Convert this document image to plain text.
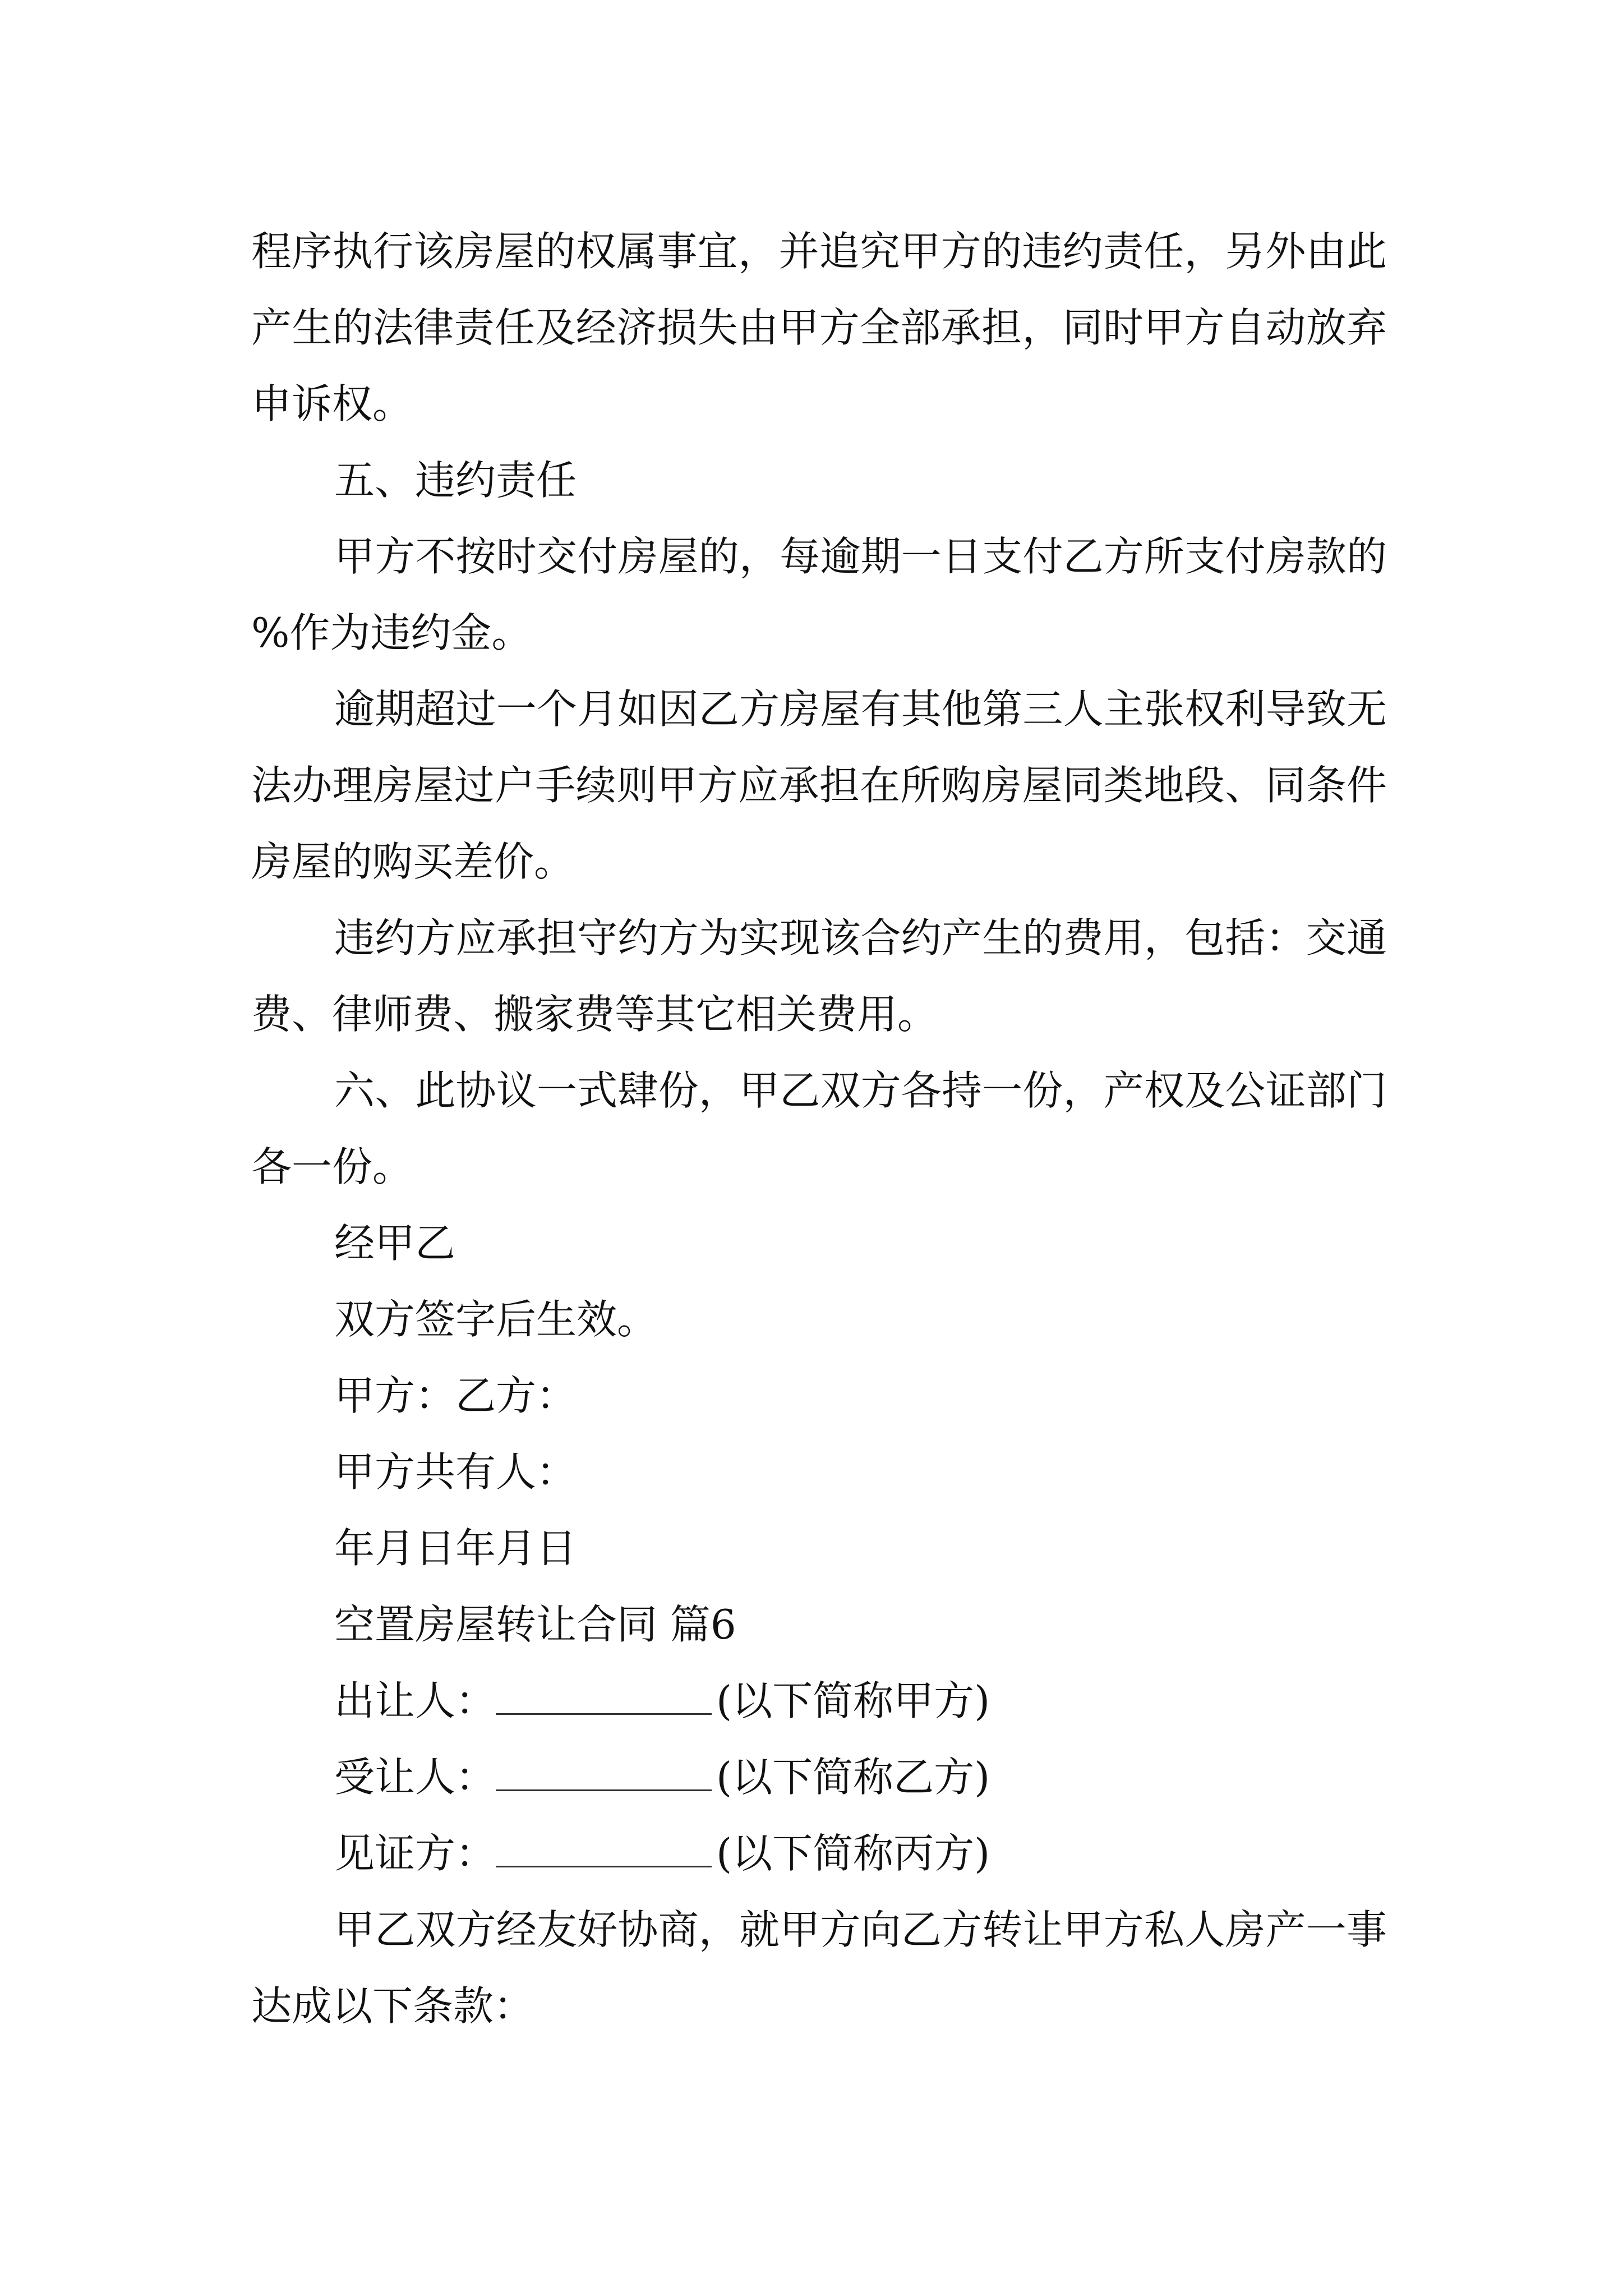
程序执行该房屋的权属事宜，并追究甲方的违约责任，另外由此产生的法律责任及经济损失由甲方全部承担，同时甲方自动放弃申诉权。

五、违约责任

甲方不按时交付房屋的，每逾期一日支付乙方所支付房款的 %作为违约金。

逾期超过一个月如因乙方房屋有其他第三人主张权利导致无法办理房屋过户手续则甲方应承担在所购房屋同类地段、同条件房屋的购买差价。

违约方应承担守约方为实现该合约产生的费用，包括：交通费、律师费、搬家费等其它相关费用。

六、此协议一式肆份，甲乙双方各持一份，产权及公证部门各一份。

经甲乙

双方签字后生效。

甲方：乙方：

甲方共有人：

年月日年月日

空置房屋转让合同 篇6

出让人：	(以下简称甲方)

受让人：	(以下简称乙方)

见证方：	(以下简称丙方)

甲乙双方经友好协商，就甲方向乙方转让甲方私人房产一事达成以下条款：
